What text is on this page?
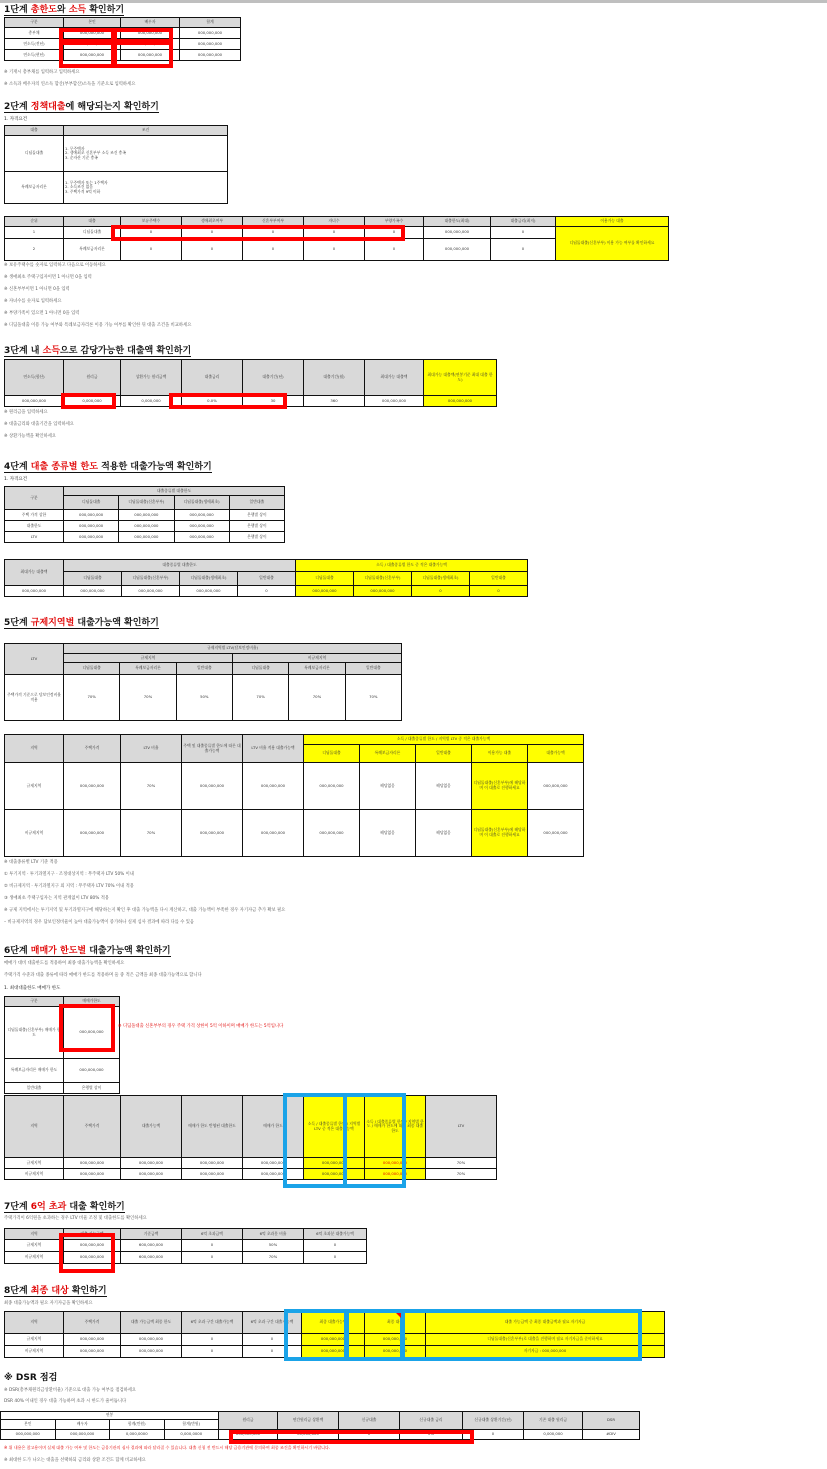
1단계 총한도와 소득 확인하기
구분	본인	배우자	합계
총부채	000,000,000	000,000,000	000,000,000
연소득(전년)	000,000,000	000,000,000	000,000,000
연소득(현년)	000,000,000	000,000,000	000,000,000
※ 기재시 총부채를 입력하고 입력하세요
※ 소득과 배우자의 연소득 합산(부부합산)소득을 기준으로 입력하세요
2단계 정책대출에 해당되는지 확인하기
1. 자격요건
대출	조건
디딤돌대출	1. 무주택자
2. 생애최초 신혼부부 소득 조건 충족
3. 순자산 기준 충족
특례보금자리론	1. 무주택자 또는 1주택자
2. 소득조건 없음
3. 주택가격 9억 이하
순위	대출	보유주택수	생애최초여부	신혼부부여부	자녀수	부양가족수	대출한도(최대)	대출금리(최저)	이용가능 대출
1	디딤돌대출	0	0	0	0	0	000,000,000	0	디딤돌대출(신혼부부) 이용 가능 여부를 확인하세요
2	특례보금자리론	0	0	0	0	0	000,000,000	0	
※ 보유주택수를 숫자로 입력하고 다음으로 이동하세요
※ 생애최초 주택구입자이면 1 아니면 0을 입력
※ 신혼부부이면 1 아니면 0을 입력
※ 자녀수를 숫자로 입력하세요
※ 부양가족이 있으면 1 아니면 0을 입력
※ 디딤돌대출 이용 가능 여부와 특례보금자리론 이용 가능 여부를 확인한 뒤 대출 조건을 비교하세요
3단계 내 소득으로 감당가능한 대출액 확인하기
연소득(합산)	원리금	상환가능 원리금액	대출금리	대출기간(년)	대출기간(월)	최대가능 대출액	최대가능 대출액(연봉기준 최대 대출 한도)
000,000,000	0,000,000	0,000,000	0.0%	30	360	000,000,000	000,000,000
※ 원리금을 입력하세요
※ 대출금리와 대출기간을 입력하세요
※ 상환가능액을 확인하세요
4단계 대출 종류별 한도 적용한 대출가능액 확인하기
1. 자격요건
구분	대출종류별 대출한도			
	디딤돌대출	디딤돌대출(신혼부부)	디딤돌대출(생애최초)	일반대출
주택 가격 상한	000,000,000	000,000,000	000,000,000	은행별 상이
대출한도	000,000,000	000,000,000	000,000,000	은행별 상이
LTV	000,000,000	000,000,000	000,000,000	은행별 상이
최대가능 대출액	대출종류별 대출한도				소득 / 대출종류별 한도 중 적은 대출가능액			
	디딤돌대출	디딤돌대출(신혼부부)	디딤돌대출(생애최초)	일반대출	디딤돌대출	디딤돌대출(신혼부부)	디딤돌대출(생애최초)	일반대출
000,000,000	000,000,000	000,000,000	000,000,000	0	000,000,000	000,000,000	0	0
5단계 규제지역별 대출가능액 확인하기
LTV	규제지역별 LTV(담보인정비율)					
	규제지역			비규제지역		
	디딤돌대출	특례보금자리론	일반대출	디딤돌대출	특례보금자리론	일반대출
주택가격 기준으로 담보인정비율 적용	70%	70%	50%	70%	70%	70%
지역	주택가격	LTV 비율	주택 및 대출종류별 한도에 따른 대출가능액	LTV 비율 적용 대출가능액	소득 / 대출종류별 한도 / 지역별 LTV 중 적은 대출가능액				
					디딤돌대출	특례보금자리론	일반대출	이용가능 대출	대출가능액
규제지역	000,000,000	70%	000,000,000	000,000,000	000,000,000	해당없음	해당없음	디딤돌대출(신혼부부)에 해당하며 이 대출로 진행하세요	000,000,000
비규제지역	000,000,000	70%	000,000,000	000,000,000	000,000,000	해당없음	해당없음	디딤돌대출(신혼부부)에 해당하며 이 대출로 진행하세요	000,000,000
※ 대출종류별 LTV 기준 적용
① 투기지역 · 투기과열지구 · 조정대상지역 : 무주택자 LTV 50% 이내
② 비규제지역 · 투기과열지구 외 지역 : 무주택자 LTV 70% 이내 적용
③ 생애최초 주택구입자는 지역 관계없이 LTV 80% 적용
※ 규제 지역에서는 투기지역 및 투기과열지구에 해당하는지 확인 후 대출 가능액을 다시 계산하고, 대출 가능액이 부족한 경우 자기자금 추가 확보 필요
– 비규제지역의 경우 담보인정비율이 높아 대출가능액이 증가하나 실제 심사 결과에 따라 다를 수 있음
6단계 매매가 한도별 대출가능액 확인하기
매매가 대비 대출한도를 적용하여 최종 대출가능액을 확인하세요
주택가격 수준과 대출 종류에 따라 매매가 한도를 적용하며 둘 중 적은 금액을 최종 대출가능액으로 합니다
1. 최대대출한도 매매가 한도
구분	매매가한도
디딤돌대출(신혼부부) 매매가 한도	000,000,000
특례보금자리론 매매가 한도	000,000,000
일반대출	은행별 상이
※ 디딤돌대출 신혼부부의 경우 주택 가격 상한이 5억 이하이며 매매가 한도는 5억입니다
지역	주택가격	대출가능액	매매가 한도 반영된 대출한도	매매가 한도	소득 / 대출종류별 한도 / 지역별 LTV 중 적은 대출가능액	소득 / 대출종류별 한도 / 지역별 한도 / 매매가 한도에 따른 최종 대출한도	LTV
규제지역	000,000,000	000,000,000	000,000,000	000,000,000	000,000,000	000,000,000	70%
비규제지역	000,000,000	000,000,000	000,000,000	000,000,000	000,000,000	000,000,000	70%
7단계 6억 초과 대출 확인하기
주택가격이 6억원을 초과하는 경우 LTV 비율 조정 및 대출한도를 확인하세요
지역	대출 가능금액	기준금액	6억 초과금액	6억 초과분 비율	6억 초과분 대출가능액
규제지역	000,000,000	600,000,000	0	50%	0
비규제지역	000,000,000	600,000,000	0	70%	0
8단계 최종 대상 확인하기
최종 대출가능액과 필요 자기자금을 확인하세요
지역	주택가격	대출 가능금액 최종 한도	6억 초과 구간 대출가능액	6억 초과 구간 대출가능액	최종 대출가능액	최종 대상	대출 가능금액 중 최종 대출금액과 필요 자기자금
규제지역	000,000,000	000,000,000	0	0	000,000,000	000,000,000	디딤돌대출(신혼부부)로 대출을 진행하며 필요 자기자금을 준비하세요
비규제지역	000,000,000	000,000,000	0	0	000,000,000	000,000,000	자기자금 : 000,000,000
※ DSR 점검
※ DSR(총부채원리금상환비율) 기준으로 대출 가능 여부를 점검하세요
DSR 40% 이내인 경우 대출 가능하며 초과 시 한도가 줄어듭니다
연봉				원리금	연간원리금 상환액	신규대출	신규대출 금리	신규대출 상환기간(년)	기존 대출 원리금	DSR
본인	배우자	합계(만원)	합계(만원)							
000,000,000	000,000,000	0,000,0000	0,000,0000	000,000,000	00,000,000	0	0%	0	0,000,000	#DIV
※ 위 내용은 참고용이며 실제 대출 가능 여부 및 한도는 금융기관의 심사 결과에 따라 달라질 수 있습니다. 대출 신청 전 반드시 해당 금융기관에 문의하여 최종 조건을 확인하시기 바랍니다.
※ 최대한 도가 나오는 대출을 선택하되 금리와 상환 조건도 함께 비교하세요
